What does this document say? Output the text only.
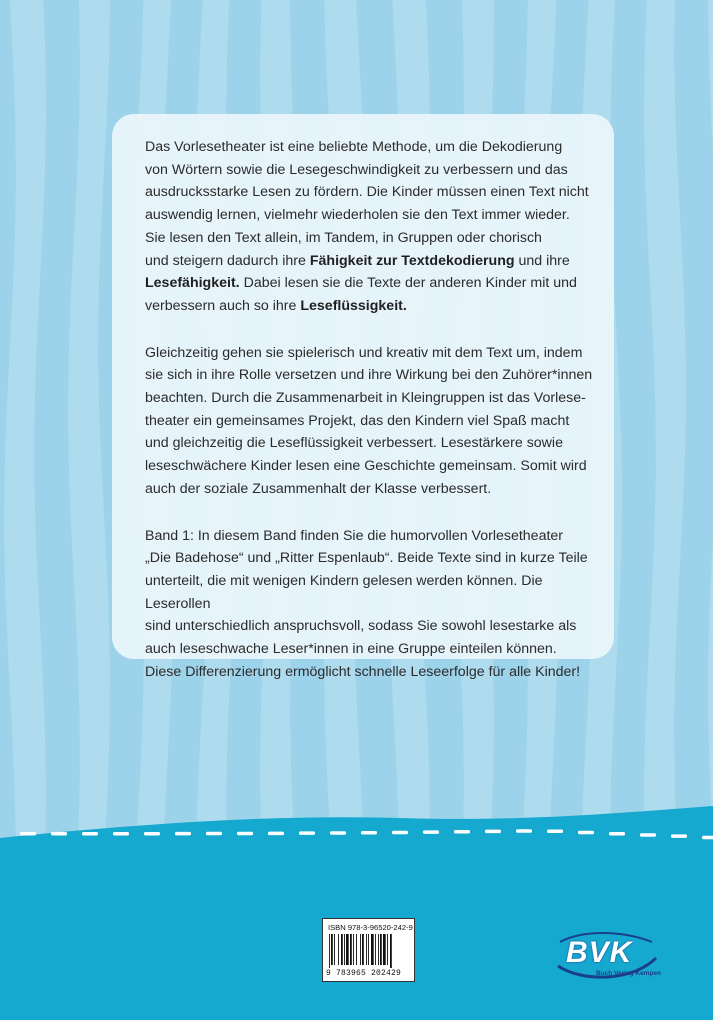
Das Vorlesetheater ist eine beliebte Methode, um die Dekodierung
von Wörtern sowie die Lesegeschwindigkeit zu verbessern und das
ausdrucksstarke Lesen zu fördern. Die Kinder müssen einen Text nicht
auswendig lernen, vielmehr wiederholen sie den Text immer wieder.
Sie lesen den Text allein, im Tandem, in Gruppen oder chorisch
und steigern dadurch ihre Fähigkeit zur Textdekodierung und ihre
Lesefähigkeit. Dabei lesen sie die Texte der anderen Kinder mit und
verbessern auch so ihre Leseflüssigkeit.

Gleichzeitig gehen sie spielerisch und kreativ mit dem Text um, indem
sie sich in ihre Rolle versetzen und ihre Wirkung bei den Zuhörer*innen
beachten. Durch die Zusammenarbeit in Kleingruppen ist das Vorlese-
theater ein gemeinsames Projekt, das den Kindern viel Spaß macht
und gleichzeitig die Leseflüssigkeit verbessert. Lesestärkere sowie
leseschwächere Kinder lesen eine Geschichte gemeinsam. Somit wird
auch der soziale Zusammenhalt der Klasse verbessert.

Band 1: In diesem Band finden Sie die humorvollen Vorlesetheater
„Die Badehose“ und „Ritter Espenlaub“. Beide Texte sind in kurze Teile
unterteilt, die mit wenigen Kindern gelesen werden können. Die Leserollen
sind unterschiedlich anspruchsvoll, sodass Sie sowohl lesestarke als
auch leseschwache Leser*innen in eine Gruppe einteilen können.
Diese Differenzierung ermöglicht schnelle Leseerfolge für alle Kinder!

ISBN 978-3-96520-242-9
9 783965 202429
BVK
Buch Verlag Kempen
